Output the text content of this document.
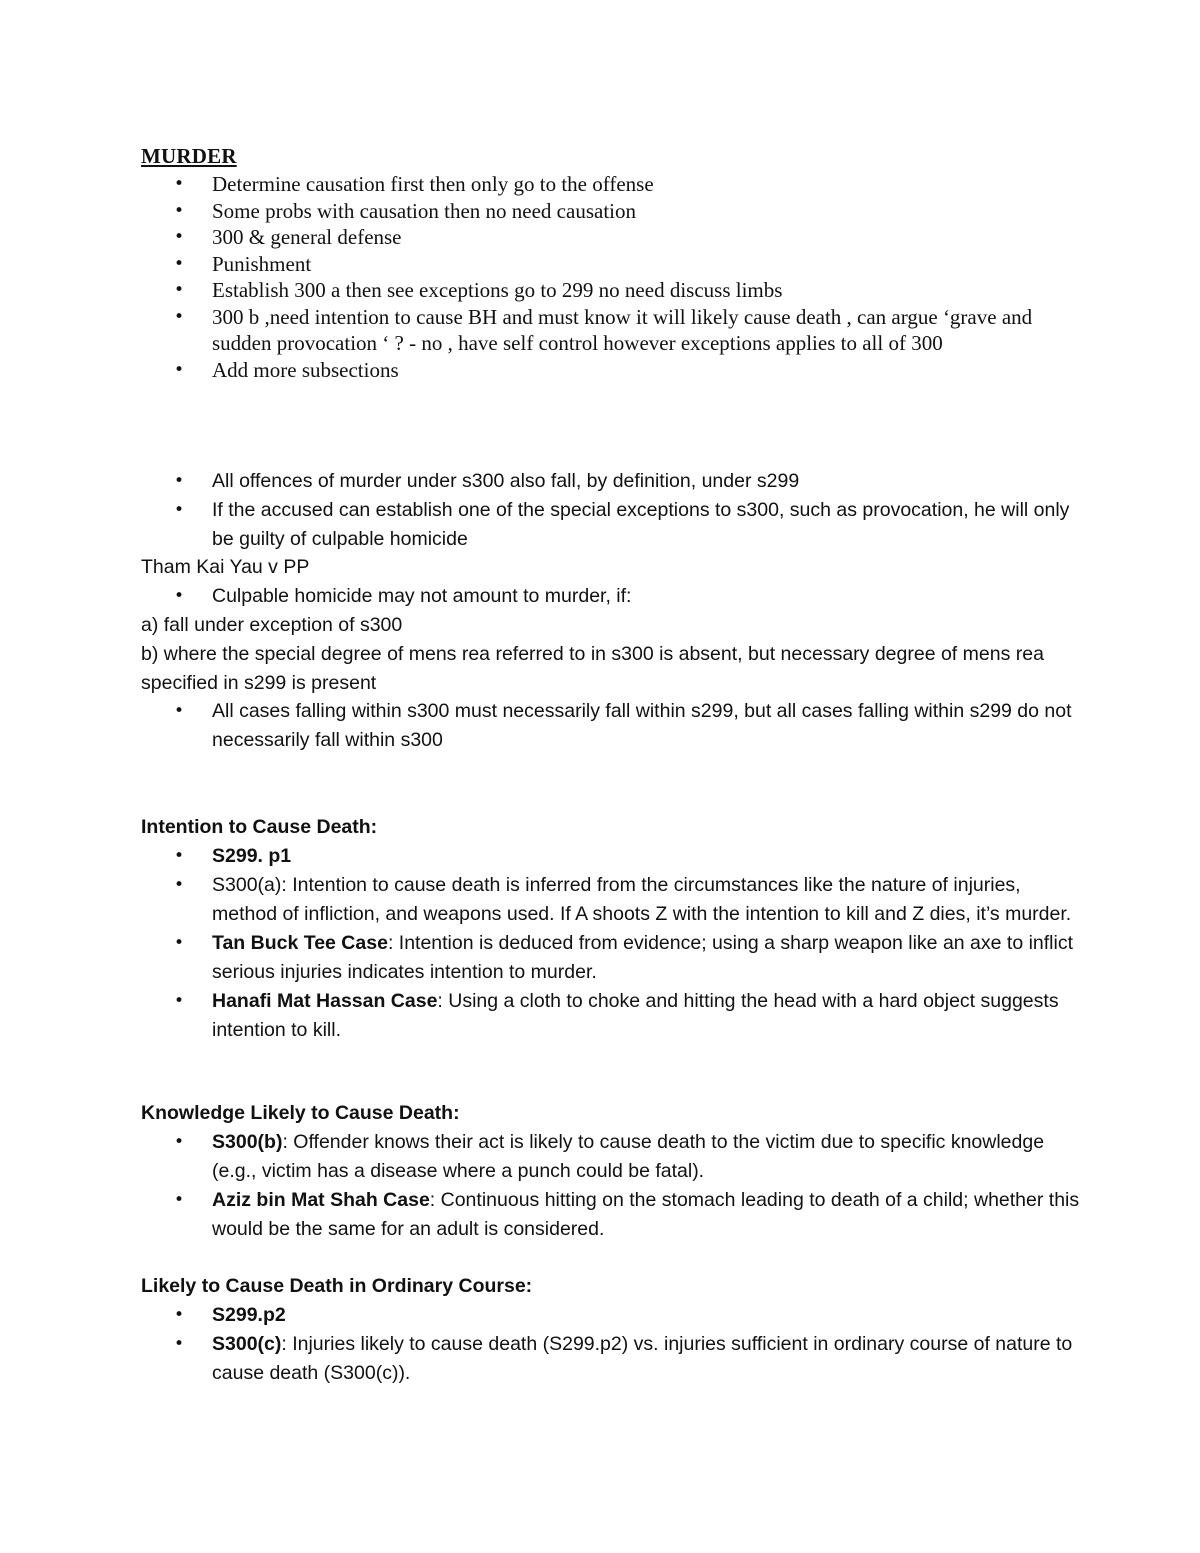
MURDER
• Determine causation first then only go to the offense
• Some probs with causation then no need causation
• 300 & general defense
• Punishment
• Establish 300 a then see exceptions go to 299 no need discuss limbs
• 300 b ,need intention to cause BH and must know it will likely cause death , can argue ‘grave and sudden provocation ‘ ? - no , have self control however exceptions applies to all of 300
• Add more subsections
• All offences of murder under s300 also fall, by definition, under s299
• If the accused can establish one of the special exceptions to s300, such as provocation, he will only be guilty of culpable homicide
Tham Kai Yau v PP
• Culpable homicide may not amount to murder, if:
a) fall under exception of s300
b) where the special degree of mens rea referred to in s300 is absent, but necessary degree of mens rea specified in s299 is present
• All cases falling within s300 must necessarily fall within s299, but all cases falling within s299 do not necessarily fall within s300
Intention to Cause Death:
• S299. p1
• S300(a): Intention to cause death is inferred from the circumstances like the nature of injuries, method of infliction, and weapons used. If A shoots Z with the intention to kill and Z dies, it’s murder.
• Tan Buck Tee Case: Intention is deduced from evidence; using a sharp weapon like an axe to inflict serious injuries indicates intention to murder.
• Hanafi Mat Hassan Case: Using a cloth to choke and hitting the head with a hard object suggests intention to kill.
Knowledge Likely to Cause Death:
• S300(b): Offender knows their act is likely to cause death to the victim due to specific knowledge (e.g., victim has a disease where a punch could be fatal).
• Aziz bin Mat Shah Case: Continuous hitting on the stomach leading to death of a child; whether this would be the same for an adult is considered.
Likely to Cause Death in Ordinary Course:
• S299.p2
• S300(c): Injuries likely to cause death (S299.p2) vs. injuries sufficient in ordinary course of nature to cause death (S300(c)).
